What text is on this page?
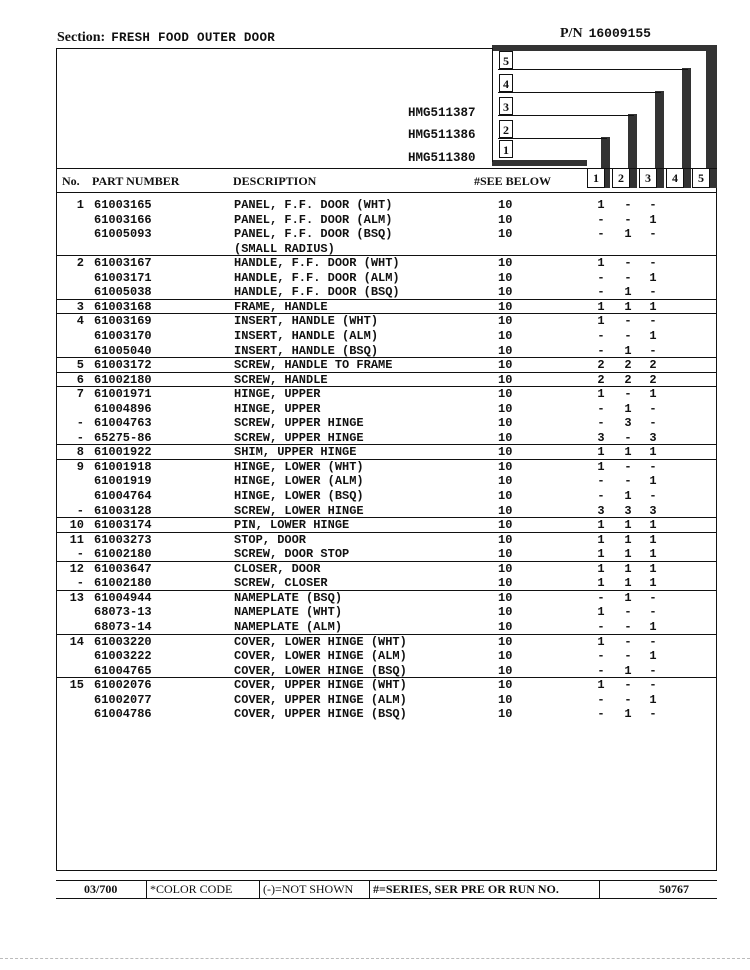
Section: FRESH FOOD OUTER DOOR	P/N 16009155
5
4
3
2
1
HMG511387
HMG511386
HMG511380
No. PART NUMBER	DESCRIPTION	#SEE BELOW	1	2	3	4	5
03/700	*COLOR CODE	(-)=NOT SHOWN #=SERIES, SER PRE OR RUN NO.	50767
1 61003165	PANEL, F.F. DOOR (WHT)	10	1 - -
61003166	PANEL, F.F. DOOR (ALM)	10	- - 1
61005093	PANEL, F.F. DOOR (BSQ)	10	- 1 -
(SMALL RADIUS)
2 61003167	HANDLE, F.F. DOOR (WHT)	10	1 - -
61003171	HANDLE, F.F. DOOR (ALM)	10	- - 1
61005038	HANDLE, F.F. DOOR (BSQ)	10	- 1 -
3 61003168	FRAME, HANDLE	10	1 1 1
4 61003169	INSERT, HANDLE (WHT)	10	1 - -
61003170	INSERT, HANDLE (ALM)	10	- - 1
61005040	INSERT, HANDLE (BSQ)	10	- 1 -
5 61003172	SCREW, HANDLE TO FRAME	10	2 2 2
6 61002180	SCREW, HANDLE	10	2 2 2
7 61001971	HINGE, UPPER	10	1 - 1
61004896	HINGE, UPPER	10	- 1 -
- 61004763	SCREW, UPPER HINGE	10	- 3 -
- 65275-86	SCREW, UPPER HINGE	10	3 - 3
8 61001922	SHIM, UPPER HINGE	10	1 1 1
9 61001918	HINGE, LOWER (WHT)	10	1 - -
61001919	HINGE, LOWER (ALM)	10	- - 1
61004764	HINGE, LOWER (BSQ)	10	- 1 -
- 61003128	SCREW, LOWER HINGE	10	3 3 3
10 61003174	PIN, LOWER HINGE	10	1 1 1
11 61003273	STOP, DOOR	10	1 1 1
- 61002180	SCREW, DOOR STOP	10	1 1 1
12 61003647	CLOSER, DOOR	10	1 1 1
- 61002180	SCREW, CLOSER	10	1 1 1
13 61004944	NAMEPLATE (BSQ)	10	- 1 -
68073-13	NAMEPLATE (WHT)	10	1 - -
68073-14	NAMEPLATE (ALM)	10	- - 1
14 61003220	COVER, LOWER HINGE (WHT)	10	1 - -
61003222	COVER, LOWER HINGE (ALM)	10	- - 1
61004765	COVER, LOWER HINGE (BSQ)	10	- 1 -
15 61002076	COVER, UPPER HINGE (WHT)	10	1 - -
61002077	COVER, UPPER HINGE (ALM)	10	- - 1
61004786	COVER, UPPER HINGE (BSQ)	10	- 1 -
